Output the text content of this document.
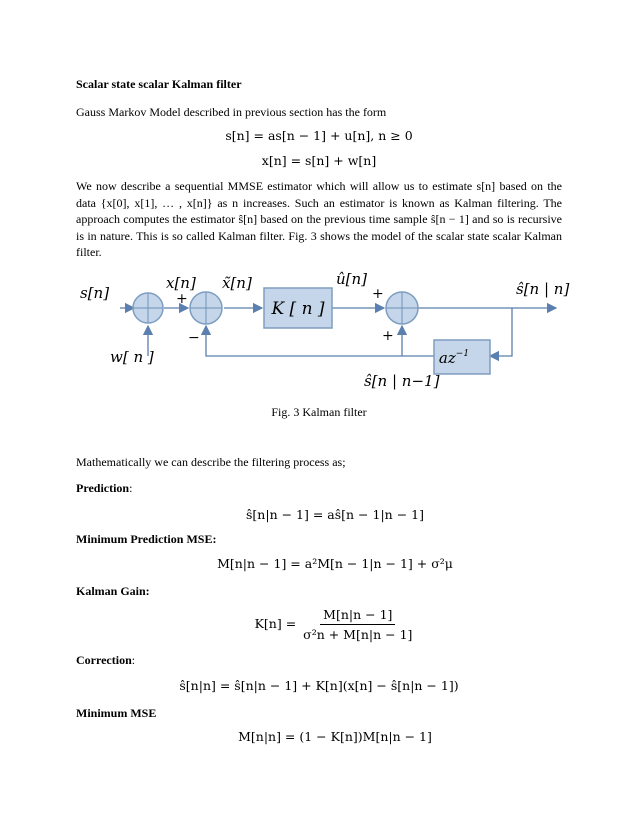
Scalar state scalar Kalman filter
Gauss Markov Model described in previous section has the form
s[n] = as[n − 1] + u[n], n ≥ 0
x[n] = s[n] + w[n]
We now describe a sequential MMSE estimator which will allow us to estimate s[n] based on the data {x[0], x[1], … , x[n]} as n increases. Such an estimator is known as Kalman filtering. The approach computes the estimator ŝ[n] based on the previous time sample ŝ[n − 1] and so is recursive is in nature. This is so called Kalman filter. Fig. 3 shows the model of the scalar state scalar Kalman filter.
K [ n ]
$az^{-1}$
s[n]
x[n] x̃[n]	û[n]
ŝ[n | n]
w[ n ]
ŝ[n | n−1]
+
−
+
+
Fig. 3 Kalman filter
Mathematically we can describe the filtering process as;
Prediction:
ŝ[n|n − 1] = aŝ[n − 1|n − 1]
Minimum Prediction MSE:
M[n|n − 1] = a²M[n − 1|n − 1] + σ²μ
Kalman Gain:
$K[n] = \frac{M[n|n - 1]}{\text{σ²n + M[n|n − 1]}}$
Correction:
ŝ[n|n] = ŝ[n|n − 1] + K[n](x[n] − ŝ[n|n − 1])
Minimum MSE
M[n|n] = (1 − K[n])M[n|n − 1]
